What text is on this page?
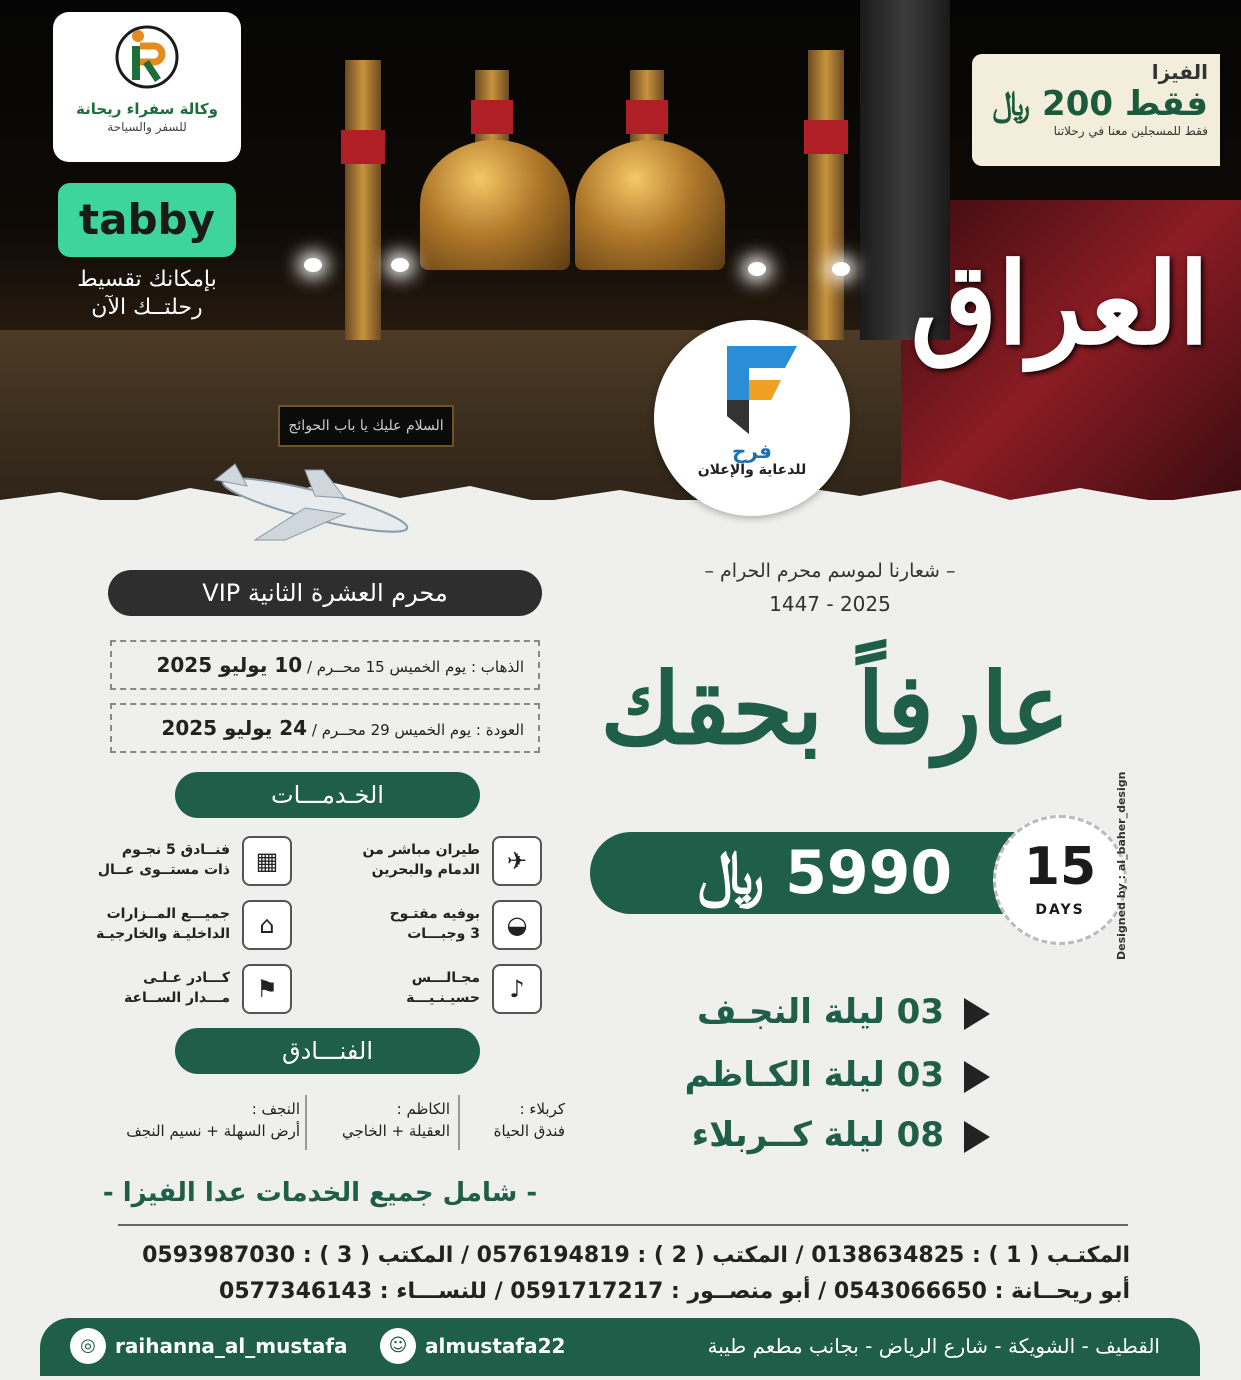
السلام عليك يا باب الحوائج
وكالة سفراء ريحانة
للسفر والسياحة
tabby
بإمكانك تقسيط
رحلتــك الآن
الفيزا
فقط 200 ﷼
فقط للمسجلين معنا في رحلاتنا
العراق
فرح
للدعاية والإعلان
– شعارنا لموسم محرم الحرام –
1447 - 2025
عارفاً بحقك
5990 ﷼	15
DAYS
03 ليلة النجـف
03 ليلة الكـاظم
08 ليلة كــربلاء
Designed by : al_baher_design
محرم العشرة الثانية VIP
الذهاب : يوم الخميس 15 محــرم / 10 يوليو 2025
العودة : يوم الخميس 29 محــرم / 24 يوليو 2025
الخـدمـــات
✈
طيران مباشر من
الدمام والبحرين
▦
فنــادق 5 نجـوم
ذات مستــوى عــال
◒
بوفيه مفتـوح
3 وجبـــات
⌂
جميـــع المــزارات
الداخليـة والخارجيـة
♪
مجـالـــس
حسيـنـيـــة
⚑
كـــادر عـلـى
مـــدار الســاعة
الفنـــادق
كربلاء :
فندق الحياة
الكاظم :
العقيلة + الخاجي
النجف :
أرض السهلة + نسيم النجف
- شامل جميع الخدمات عدا الفيزا -
المكتـب ( 1 ) : 0138634825 / المكتب ( 2 ) : 0576194819 / المكتب ( 3 ) : 0593987030
أبو ريحــانة : 0543066650 / أبو منصــور : 0591717217 / للنســـاء : 0577346143
القطيف - الشويكة - شارع الرياض - بجانب مطعم طيبة
☺ almustafa22
◎ raihanna_al_mustafa
